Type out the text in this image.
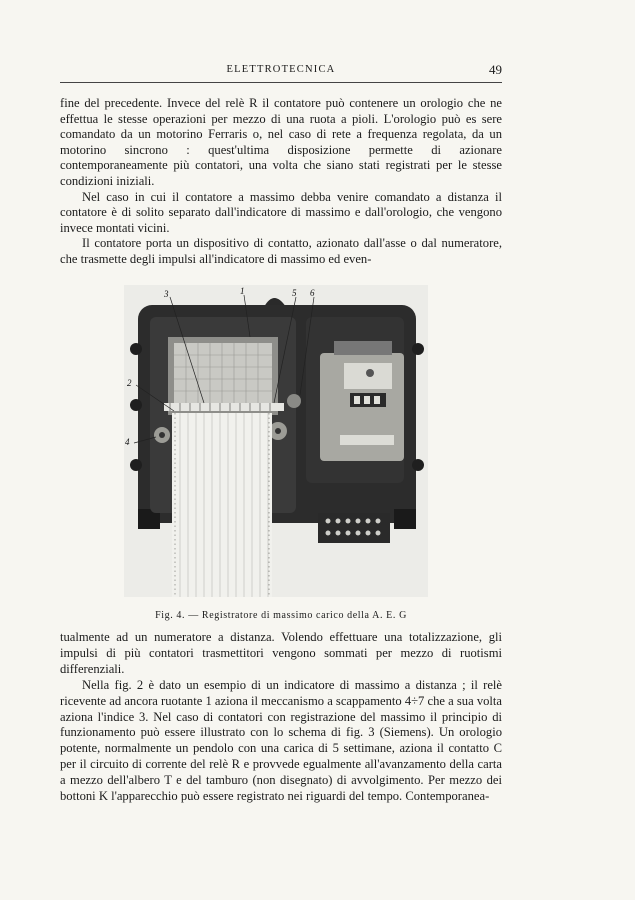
ELETTROTECNICA	49

fine del precedente. Invece del relè R il contatore può contenere un orologio che ne effettua le stesse operazioni per mezzo di una ruota a pioli. L'orologio può es sere comandato da un motorino Ferraris o, nel caso di rete a frequenza regolata, da un motorino sincrono : quest'ultima disposizione permette di azionare contemporaneamente più contatori, una volta che siano stati registrati per le stesse condizioni iniziali.

Nel caso in cui il contatore a massimo debba venire comandato a distanza il contatore è di solito separato dall'indicatore di massimo e dall'orologio, che vengono invece montati vicini.

Il contatore porta un dispositivo di contatto, azionato dall'asse o dal numeratore, che trasmette degli impulsi all'indicatore di massimo ed even-

3	1	5 6
2
4
Fig. 4. — Registratore di massimo carico della A. E. G

tualmente ad un numeratore a distanza. Volendo effettuare una totalizzazione, gli impulsi di più contatori trasmettitori vengono sommati per mezzo di ruotismi differenziali.

Nella fig. 2 è dato un esempio di un indicatore di massimo a distanza ; il relè ricevente ad ancora ruotante 1 aziona il meccanismo a scappamento 4÷7 che a sua volta aziona l'indice 3. Nel caso di contatori con registrazione del massimo il principio di funzionamento può essere illustrato con lo schema di fig. 3 (Siemens). Un orologio potente, normalmente un pendolo con una carica di 5 settimane, aziona il contatto C per il circuito di corrente del relè R e provvede egualmente all'avanzamento della carta a mezzo dell'albero T e del tamburo (non disegnato) di avvolgimento. Per mezzo dei bottoni K l'apparecchio può essere registrato nei riguardi del tempo. Contemporanea-
